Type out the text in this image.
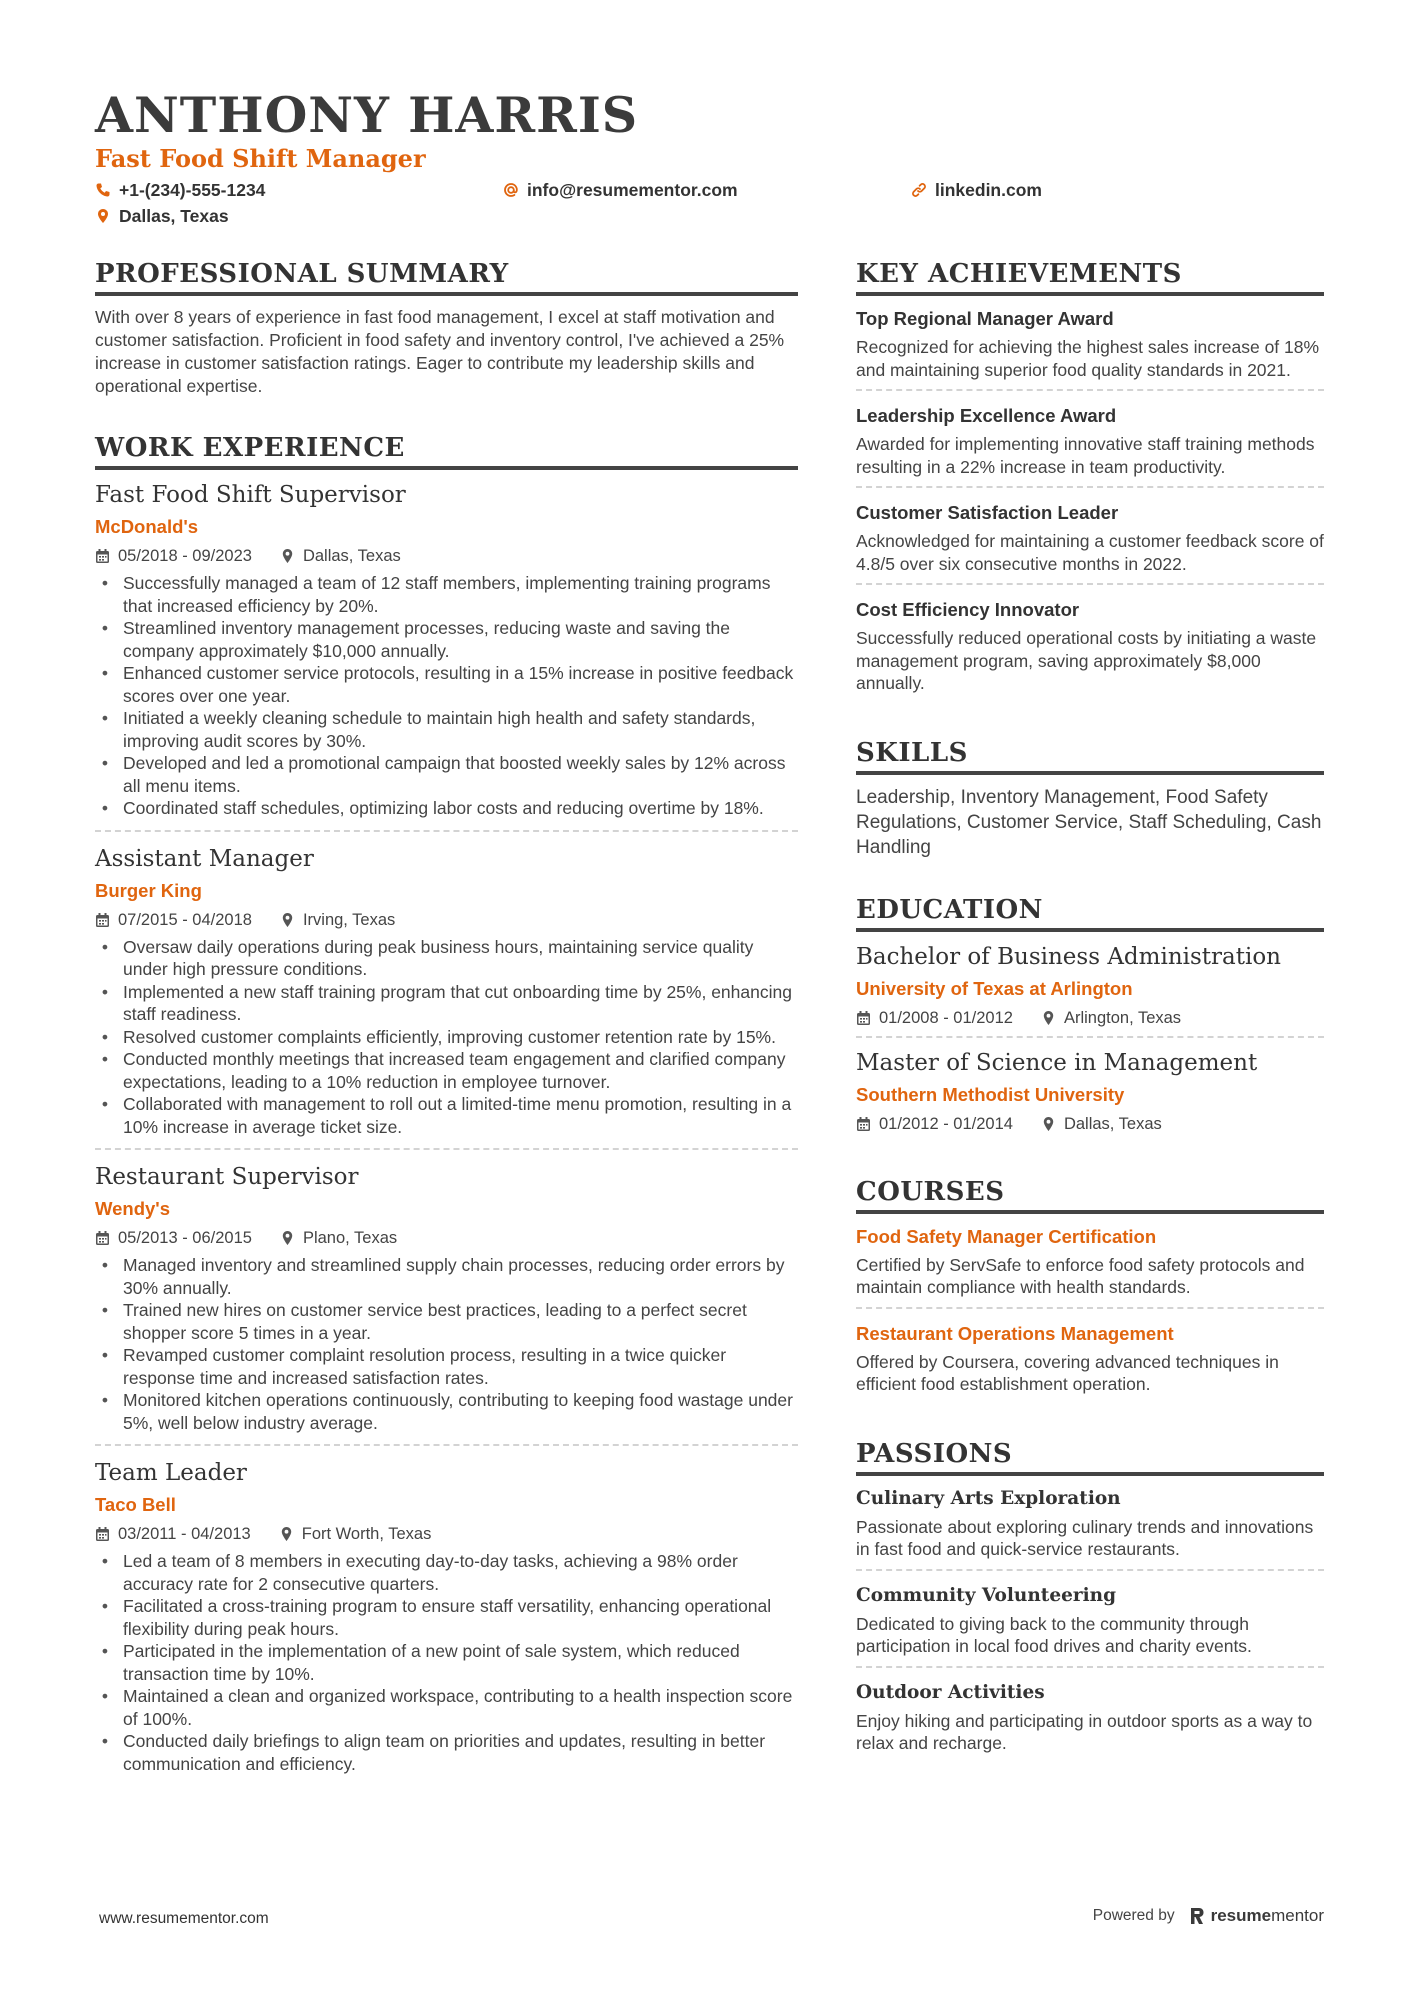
ANTHONY HARRIS
Fast Food Shift Manager
+1-(234)-555-1234	info@resumementor.com	linkedin.com
Dallas, Texas
PROFESSIONAL SUMMARY
With over 8 years of experience in fast food management, I excel at staff motivation and customer satisfaction. Proficient in food safety and inventory control, I've achieved a 25% increase in customer satisfaction ratings. Eager to contribute my leadership skills and operational expertise.
WORK EXPERIENCE
Fast Food Shift Supervisor
McDonald's
05/2018 - 09/2023	Dallas, Texas
• Successfully managed a team of 12 staff members, implementing training programs that increased efficiency by 20%.
• Streamlined inventory management processes, reducing waste and saving the company approximately $10,000 annually.
• Enhanced customer service protocols, resulting in a 15% increase in positive feedback scores over one year.
• Initiated a weekly cleaning schedule to maintain high health and safety standards, improving audit scores by 30%.
• Developed and led a promotional campaign that boosted weekly sales by 12% across all menu items.
• Coordinated staff schedules, optimizing labor costs and reducing overtime by 18%.
Assistant Manager
Burger King
07/2015 - 04/2018	Irving, Texas
• Oversaw daily operations during peak business hours, maintaining service quality under high pressure conditions.
• Implemented a new staff training program that cut onboarding time by 25%, enhancing staff readiness.
• Resolved customer complaints efficiently, improving customer retention rate by 15%.
• Conducted monthly meetings that increased team engagement and clarified company expectations, leading to a 10% reduction in employee turnover.
• Collaborated with management to roll out a limited-time menu promotion, resulting in a 10% increase in average ticket size.
Restaurant Supervisor
Wendy's
05/2013 - 06/2015	Plano, Texas
• Managed inventory and streamlined supply chain processes, reducing order errors by 30% annually.
• Trained new hires on customer service best practices, leading to a perfect secret shopper score 5 times in a year.
• Revamped customer complaint resolution process, resulting in a twice quicker response time and increased satisfaction rates.
• Monitored kitchen operations continuously, contributing to keeping food wastage under 5%, well below industry average.
Team Leader
Taco Bell
03/2011 - 04/2013	Fort Worth, Texas
• Led a team of 8 members in executing day-to-day tasks, achieving a 98% order accuracy rate for 2 consecutive quarters.
• Facilitated a cross-training program to ensure staff versatility, enhancing operational flexibility during peak hours.
• Participated in the implementation of a new point of sale system, which reduced transaction time by 10%.
• Maintained a clean and organized workspace, contributing to a health inspection score of 100%.
• Conducted daily briefings to align team on priorities and updates, resulting in better communication and efficiency.
KEY ACHIEVEMENTS
Top Regional Manager Award
Recognized for achieving the highest sales increase of 18% and maintaining superior food quality standards in 2021.
Leadership Excellence Award
Awarded for implementing innovative staff training methods resulting in a 22% increase in team productivity.
Customer Satisfaction Leader
Acknowledged for maintaining a customer feedback score of 4.8/5 over six consecutive months in 2022.
Cost Efficiency Innovator
Successfully reduced operational costs by initiating a waste management program, saving approximately $8,000 annually.
SKILLS
Leadership, Inventory Management, Food Safety Regulations, Customer Service, Staff Scheduling, Cash Handling
EDUCATION
Bachelor of Business Administration
University of Texas at Arlington
01/2008 - 01/2012	Arlington, Texas
Master of Science in Management
Southern Methodist University
01/2012 - 01/2014	Dallas, Texas
COURSES
Food Safety Manager Certification
Certified by ServSafe to enforce food safety protocols and maintain compliance with health standards.
Restaurant Operations Management
Offered by Coursera, covering advanced techniques in efficient food establishment operation.
PASSIONS
Culinary Arts Exploration
Passionate about exploring culinary trends and innovations in fast food and quick-service restaurants.
Community Volunteering
Dedicated to giving back to the community through participation in local food drives and charity events.
Outdoor Activities
Enjoy hiking and participating in outdoor sports as a way to relax and recharge.
www.resumementor.com	Powered by resumementor
